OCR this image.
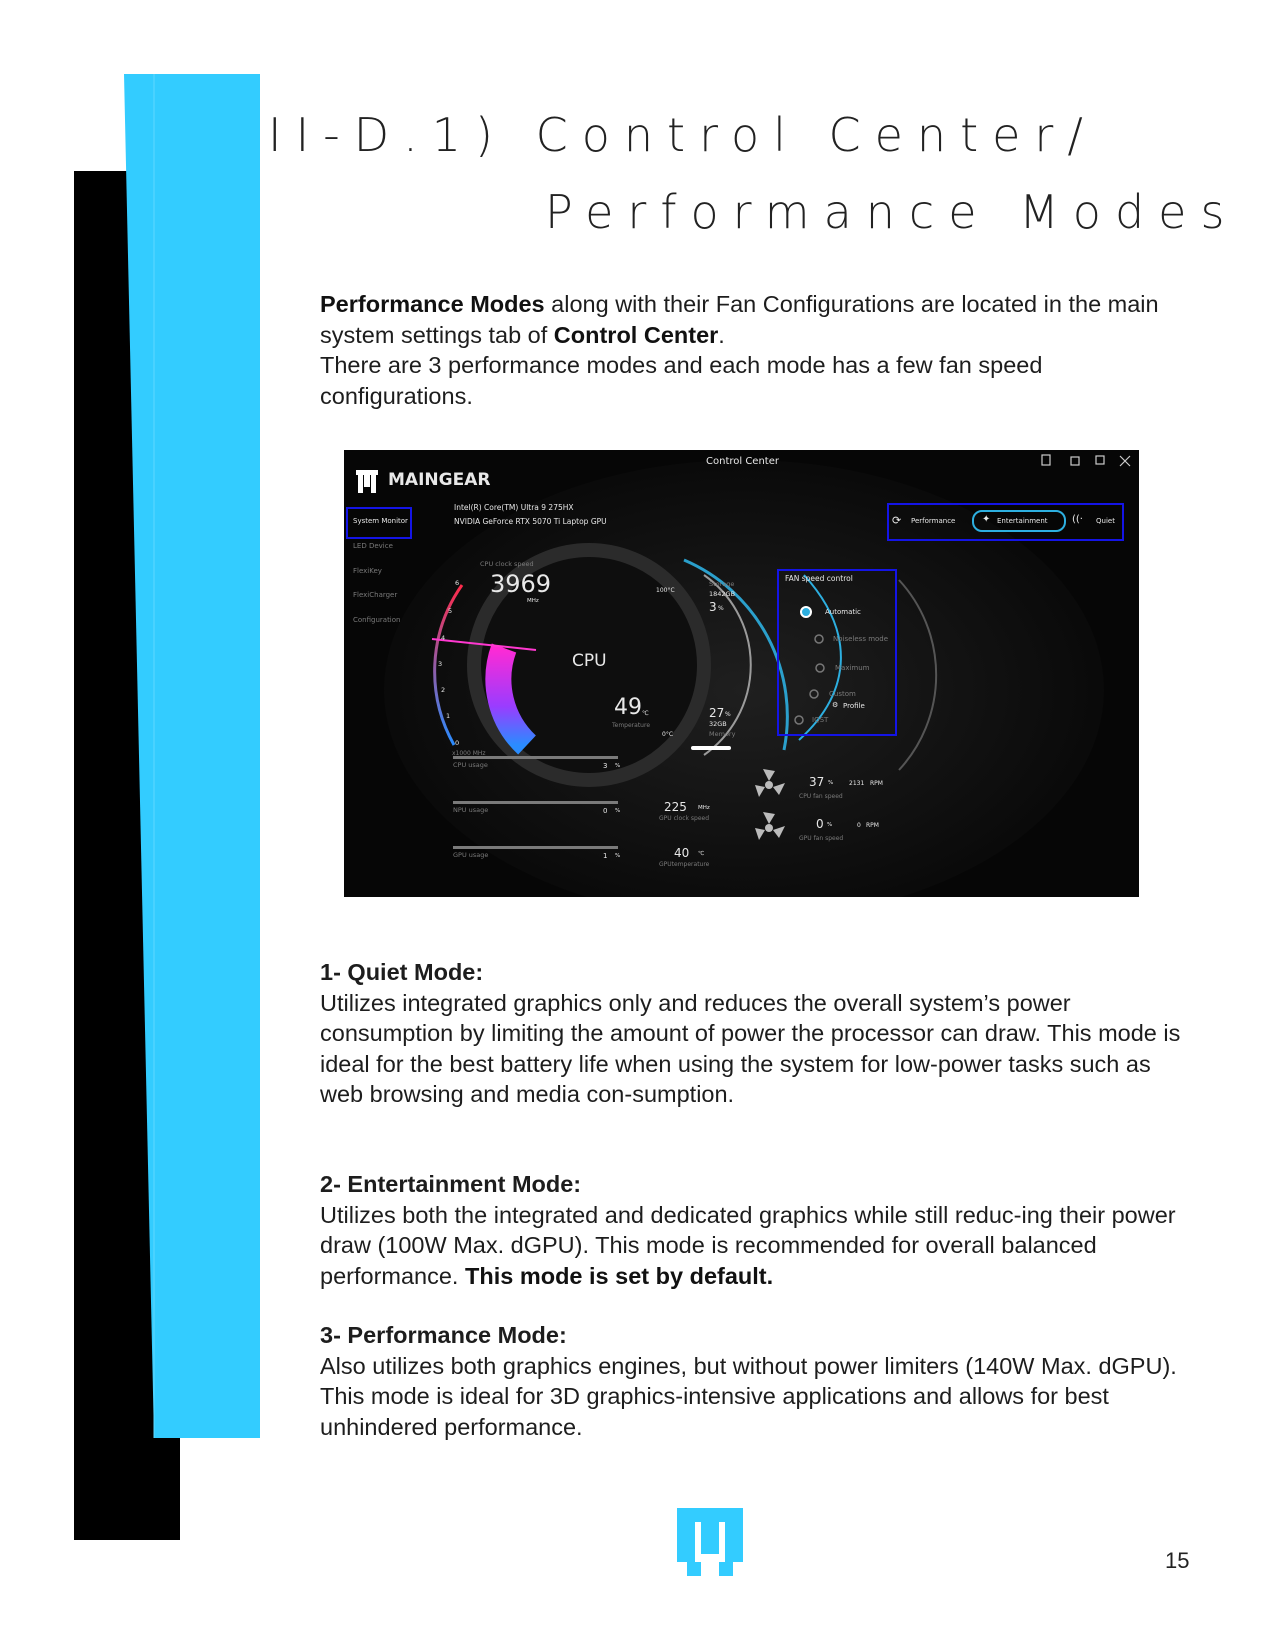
II-D.1) Control Center/
Performance Modes

Performance Modes along with their Fan Configurations are located in the main system settings tab of Control Center.

There are 3 performance modes and each mode has a few fan speed configurations.

Control Center
MAINGEAR
Intel(R) Core(TM) Ultra 9 275HX
NVIDIA GeForce RTX 5070 Ti Laptop GPU
System Monitor
LED Device
FlexiKey
FlexiCharger
Configuration
⟳ Performance	✦ Entertainment ((· Quiet
CPU clock speed
3969
MHz
6
5
4
3
2
1
0
x1000 MHz
CPU
49 ℃
Temperature
100°C
0°C
Storage
1842GB
3 %
27 %
32GB
Memory
FAN speed control
Automatic
Noiseless mode
Maximum
Custom
⚙ Profile
IQST
CPU usage	3 %
NPU usage	0 %
GPU usage	1 %
225 MHz
GPU clock speed
40 ℃
GPUtemperature
37 %	2131 RPM
CPU fan speed
0 %	0 RPM
GPU fan speed

1- Quiet Mode:

Utilizes integrated graphics only and reduces the overall system’s power consumption by limiting the amount of power the processor can draw. This mode is ideal for the best battery life when using the system for low-power tasks such as web browsing and media con-sumption.

2- Entertainment Mode:

Utilizes both the integrated and dedicated graphics while still reduc-ing their power draw (100W Max. dGPU). This mode is recommended for overall balanced performance. This mode is set by default.

3- Performance Mode:

Also utilizes both graphics engines, but without power limiters (140W Max. dGPU). This mode is ideal for 3D graphics-intensive applications and allows for best unhindered performance.

15
